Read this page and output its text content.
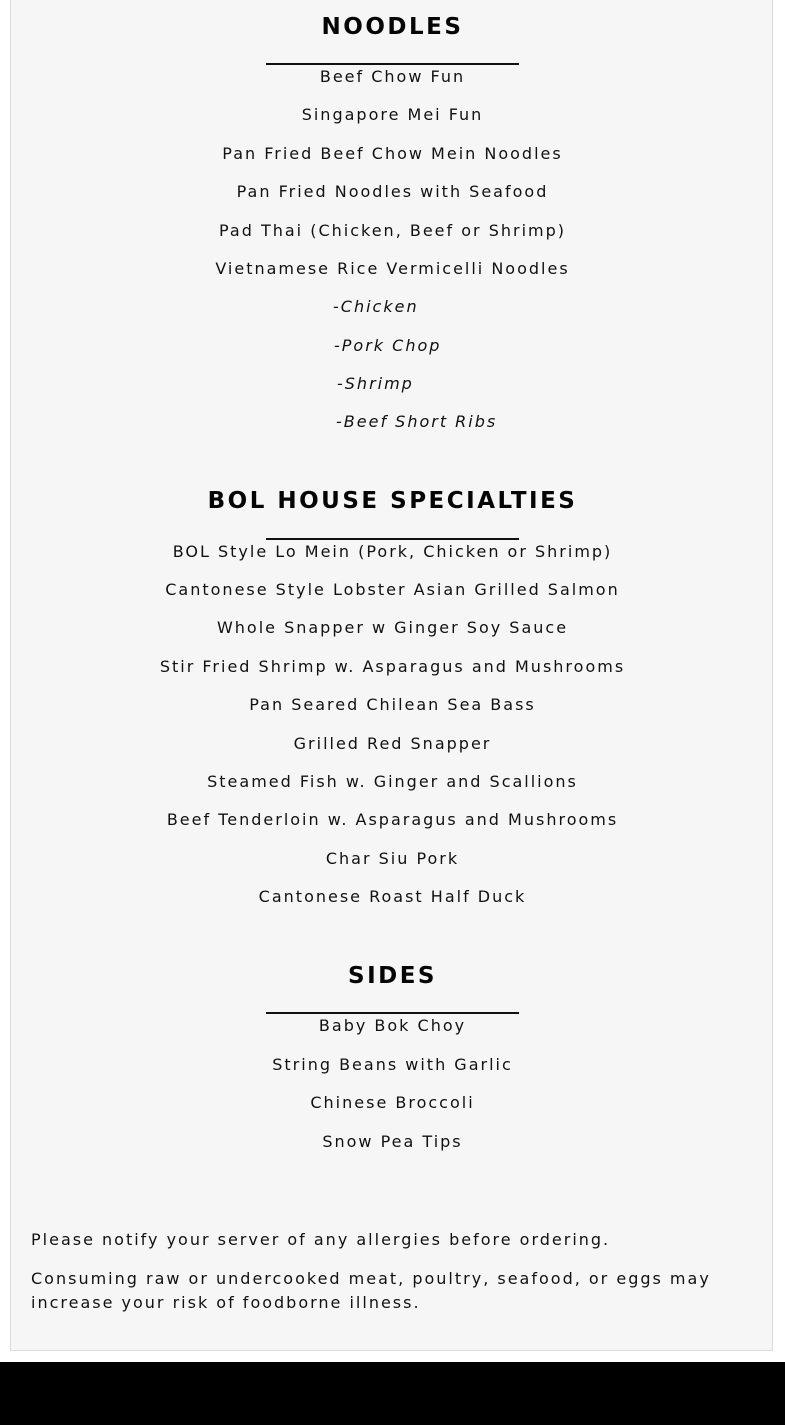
NOODLES
Beef Chow Fun
Singapore Mei Fun
Pan Fried Beef Chow Mein Noodles
Pan Fried Noodles with Seafood
Pad Thai (Chicken, Beef or Shrimp)
Vietnamese Rice Vermicelli Noodles
-Chicken
-Pork Chop
-Shrimp
-Beef Short Ribs
BOL HOUSE SPECIALTIES
BOL Style Lo Mein (Pork, Chicken or Shrimp)
Cantonese Style Lobster Asian Grilled Salmon
Whole Snapper w Ginger Soy Sauce
Stir Fried Shrimp w. Asparagus and Mushrooms
Pan Seared Chilean Sea Bass
Grilled Red Snapper
Steamed Fish w. Ginger and Scallions
Beef Tenderloin w. Asparagus and Mushrooms
Char Siu Pork
Cantonese Roast Half Duck
SIDES
Baby Bok Choy
String Beans with Garlic
Chinese Broccoli
Snow Pea Tips
Please notify your server of any allergies before ordering.
Consuming raw or undercooked meat, poultry, seafood, or eggs may increase your risk of foodborne illness.
